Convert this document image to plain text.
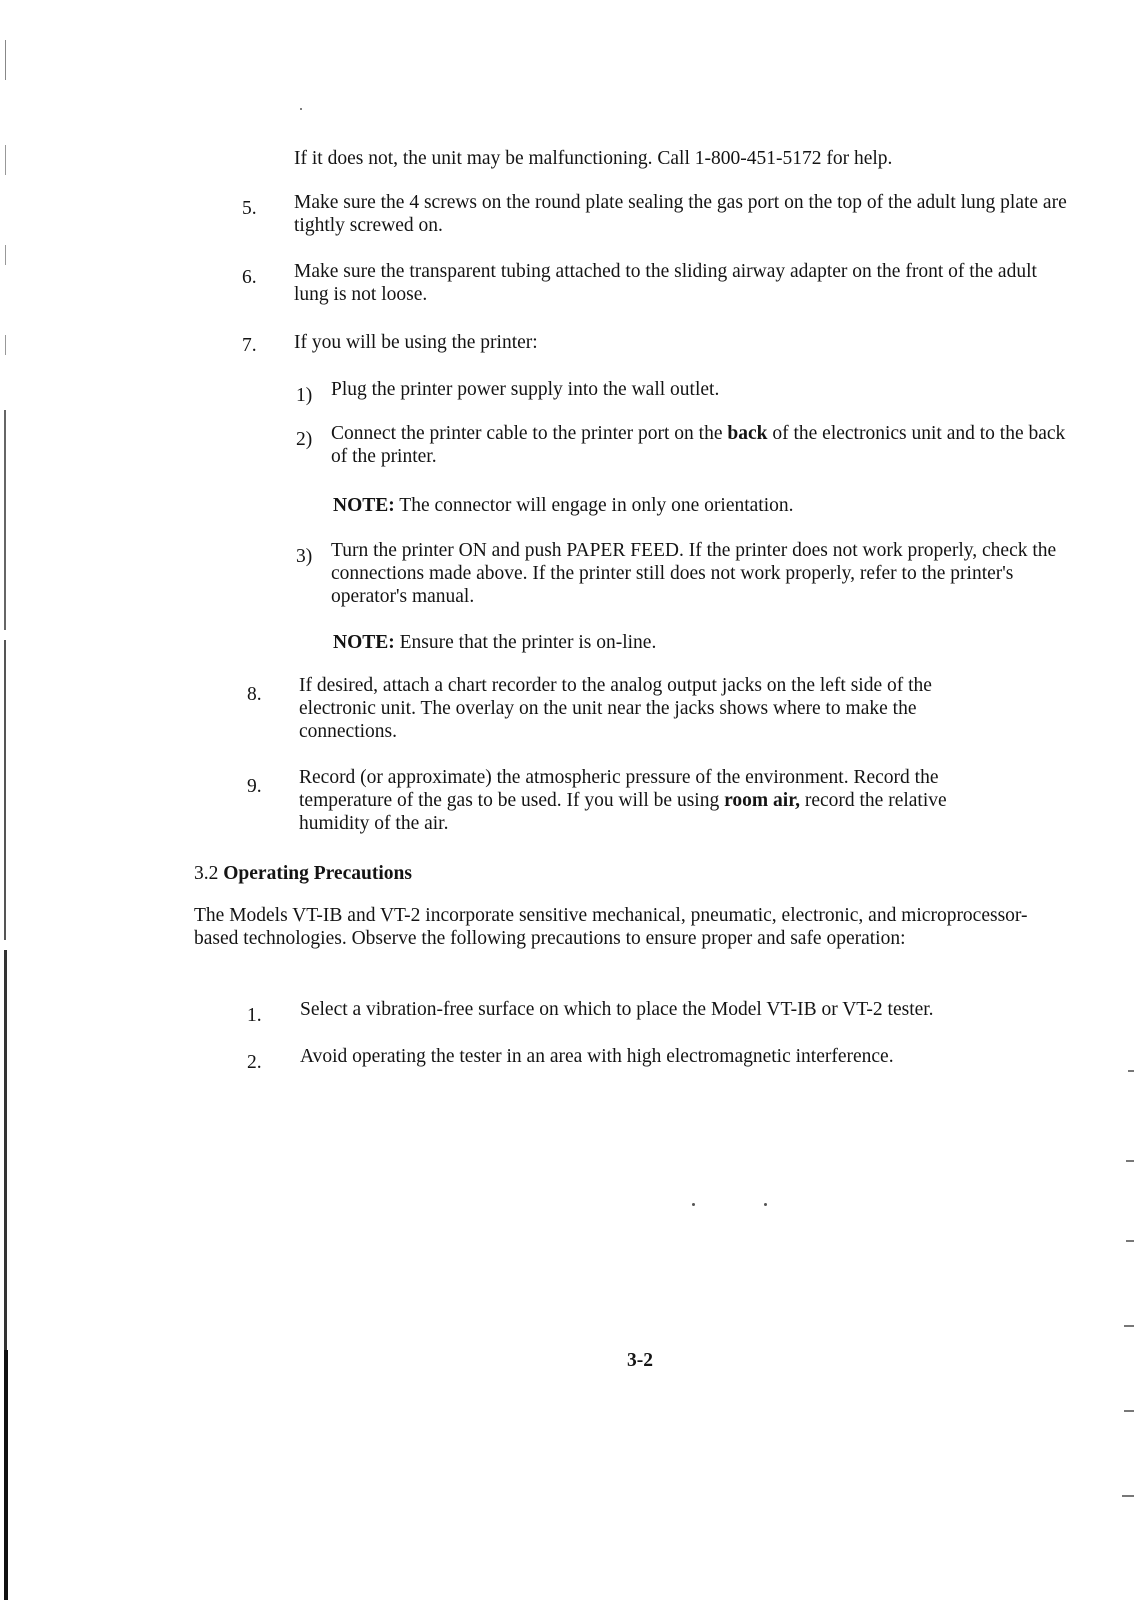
If it does not, the unit may be malfunctioning. Call 1-800-451-5172 for help.
5.	Make sure the 4 screws on the round plate sealing the gas port on the top of the adult lung plate are tightly screwed on.
6.	Make sure the transparent tubing attached to the sliding airway adapter on the front of the adult lung is not loose.
7.	If you will be using the printer:
1) Plug the printer power supply into the wall outlet.
2) Connect the printer cable to the printer port on the back of the electronics unit and to the back of the printer.
NOTE: The connector will engage in only one orientation.
3) Turn the printer ON and push PAPER FEED. If the printer does not work properly, check the connections made above. If the printer still does not work properly, refer to the printer's operator's manual.
NOTE: Ensure that the printer is on-line.
8.	If desired, attach a chart recorder to the analog output jacks on the left side of the electronic unit. The overlay on the unit near the jacks shows where to make the connections.
9.	Record (or approximate) the atmospheric pressure of the environment. Record the temperature of the gas to be used. If you will be using room air, record the relative humidity of the air.
3.2 Operating Precautions
The Models VT-IB and VT-2 incorporate sensitive mechanical, pneumatic, electronic, and microprocessor-based technologies. Observe the following precautions to ensure proper and safe operation:
1.	Select a vibration-free surface on which to place the Model VT-IB or VT-2 tester.
2.	Avoid operating the tester in an area with high electromagnetic interference.
3-2
